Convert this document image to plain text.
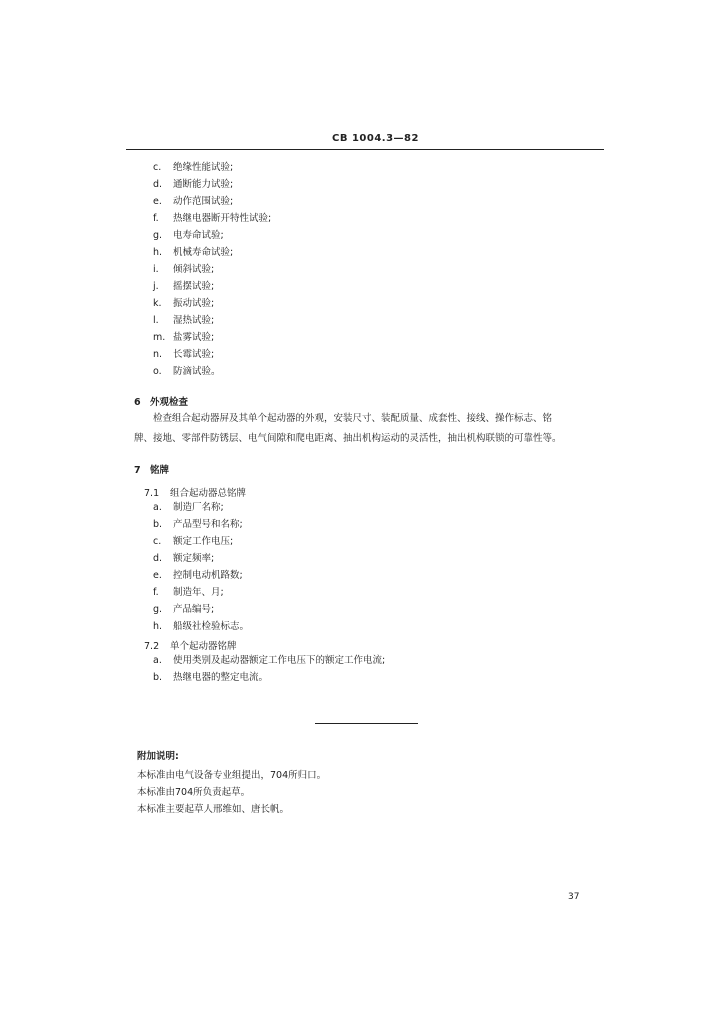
CB 1004.3—82
c. 绝缘性能试验;
d. 通断能力试验;
e. 动作范围试验;
f. 热继电器断开特性试验;
g. 电寿命试验;
h. 机械寿命试验;
i. 倾斜试验;
j. 摇摆试验;
k. 振动试验;
l. 湿热试验;
m. 盐雾试验;
n. 长霉试验;
o. 防滴试验。
6 外观检查
检查组合起动器屏及其单个起动器的外观，安装尺寸、装配质量、成套性、接线、操作标志、铭
牌、接地、零部件防锈层、电气间隙和爬电距离、抽出机构运动的灵活性，抽出机构联锁的可靠性等。
7 铭牌
7.1 组合起动器总铭牌
a. 制造厂名称;
b. 产品型号和名称;
c. 额定工作电压;
d. 额定频率;
e. 控制电动机路数;
f. 制造年、月;
g. 产品编号;
h. 船级社检验标志。
7.2 单个起动器铭牌
a. 使用类别及起动器额定工作电压下的额定工作电流;
b. 热继电器的整定电流。
附加说明:
本标准由电气设备专业组提出，704所归口。
本标准由704所负责起草。
本标准主要起草人邢维如、唐长帆。
37
